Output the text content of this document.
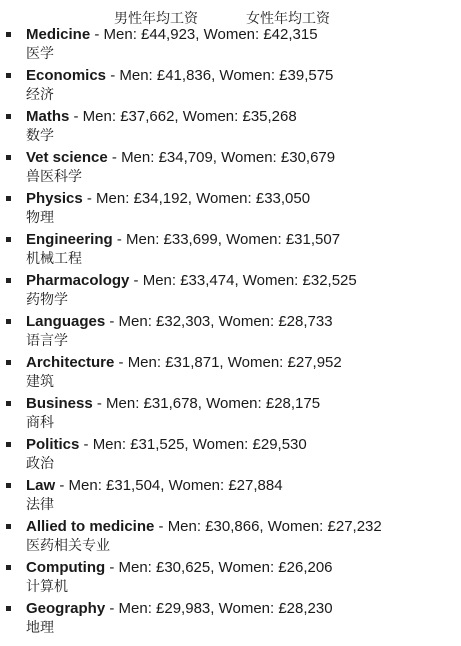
男性年均工资	女性年均工资
Medicine - Men: £44,923, Women: £42,315
医学
Economics - Men: £41,836, Women: £39,575
经济
Maths - Men: £37,662, Women: £35,268
数学
Vet science - Men: £34,709, Women: £30,679
兽医科学
Physics - Men: £34,192, Women: £33,050
物理
Engineering - Men: £33,699, Women: £31,507
机械工程
Pharmacology - Men: £33,474, Women: £32,525
药物学
Languages - Men: £32,303, Women: £28,733
语言学
Architecture - Men: £31,871, Women: £27,952
建筑
Business - Men: £31,678, Women: £28,175
商科
Politics - Men: £31,525, Women: £29,530
政治
Law - Men: £31,504, Women: £27,884
法律
Allied to medicine - Men: £30,866, Women: £27,232
医药相关专业
Computing - Men: £30,625, Women: £26,206
计算机
Geography - Men: £29,983, Women: £28,230
地理
